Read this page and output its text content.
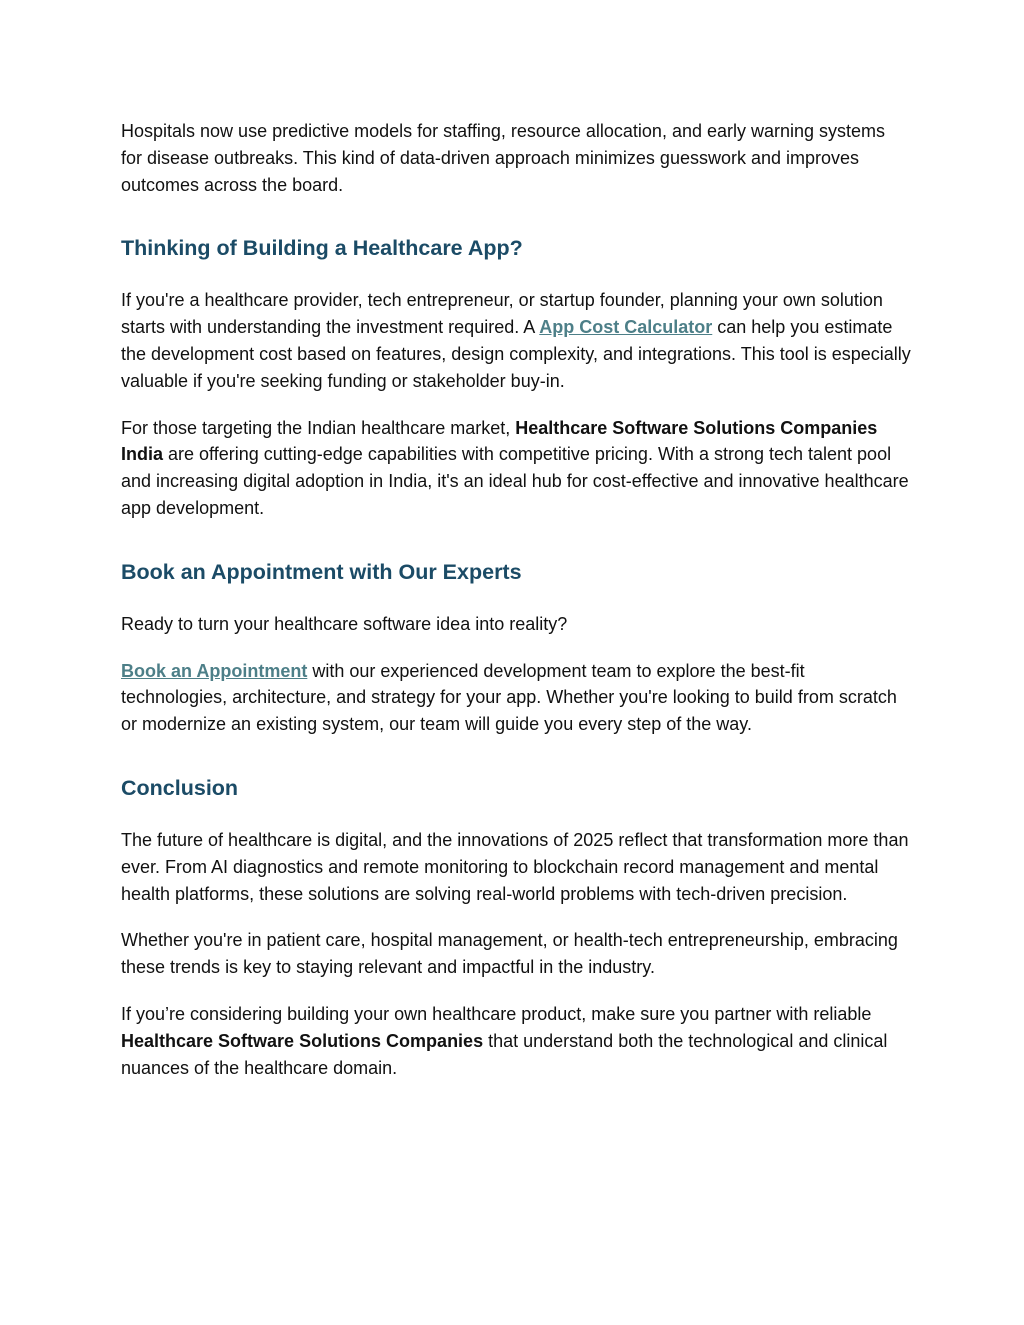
Hospitals now use predictive models for staffing, resource allocation, and early warning systems for disease outbreaks. This kind of data-driven approach minimizes guesswork and improves outcomes across the board.

Thinking of Building a Healthcare App?

If you're a healthcare provider, tech entrepreneur, or startup founder, planning your own solution starts with understanding the investment required. A App Cost Calculator can help you estimate the development cost based on features, design complexity, and integrations. This tool is especially valuable if you're seeking funding or stakeholder buy-in.

For those targeting the Indian healthcare market, Healthcare Software Solutions Companies India are offering cutting-edge capabilities with competitive pricing. With a strong tech talent pool and increasing digital adoption in India, it's an ideal hub for cost-effective and innovative healthcare app development.

Book an Appointment with Our Experts

Ready to turn your healthcare software idea into reality?

Book an Appointment with our experienced development team to explore the best-fit technologies, architecture, and strategy for your app. Whether you're looking to build from scratch or modernize an existing system, our team will guide you every step of the way.

Conclusion

The future of healthcare is digital, and the innovations of 2025 reflect that transformation more than ever. From AI diagnostics and remote monitoring to blockchain record management and mental health platforms, these solutions are solving real-world problems with tech-driven precision.

Whether you're in patient care, hospital management, or health-tech entrepreneurship, embracing these trends is key to staying relevant and impactful in the industry.

If you’re considering building your own healthcare product, make sure you partner with reliable Healthcare Software Solutions Companies that understand both the technological and clinical nuances of the healthcare domain.
